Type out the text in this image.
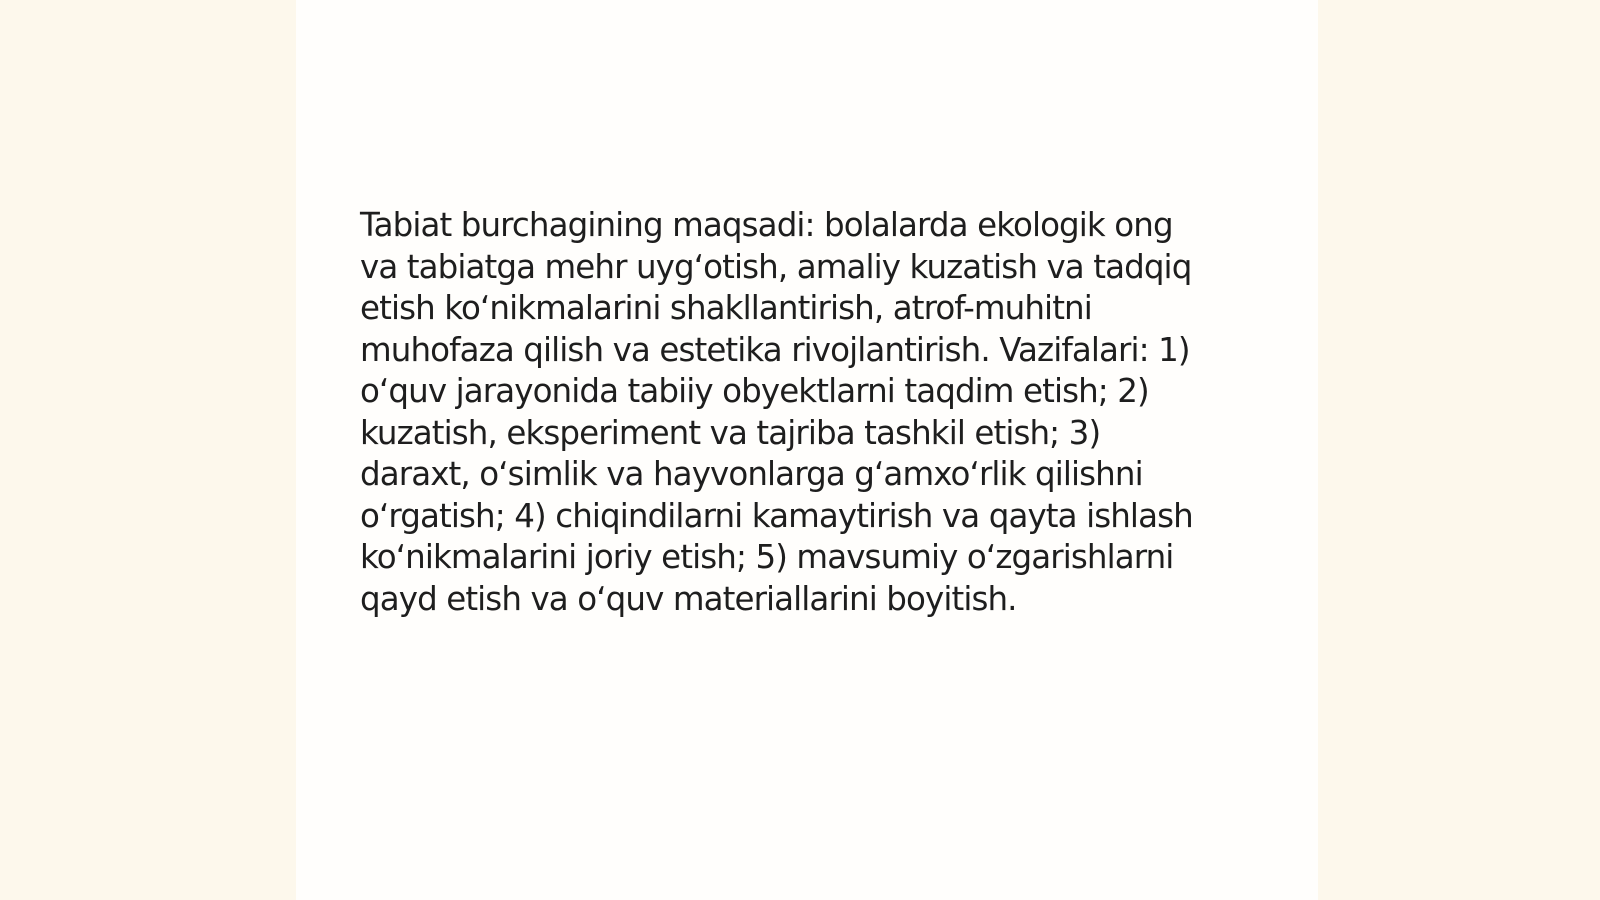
Tabiat burchagining maqsadi: bolalarda ekologik ong
va tabiatga mehr uygʻotish, amaliy kuzatish va tadqiq
etish koʻnikmalarini shakllantirish, atrof-muhitni
muhofaza qilish va estetika rivojlantirish. Vazifalari: 1)
oʻquv jarayonida tabiiy obyektlarni taqdim etish; 2)
kuzatish, eksperiment va tajriba tashkil etish; 3)
daraxt, oʻsimlik va hayvonlarga gʻamxoʻrlik qilishni
oʻrgatish; 4) chiqindilarni kamaytirish va qayta ishlash
koʻnikmalarini joriy etish; 5) mavsumiy oʻzgarishlarni
qayd etish va oʻquv materiallarini boyitish.
